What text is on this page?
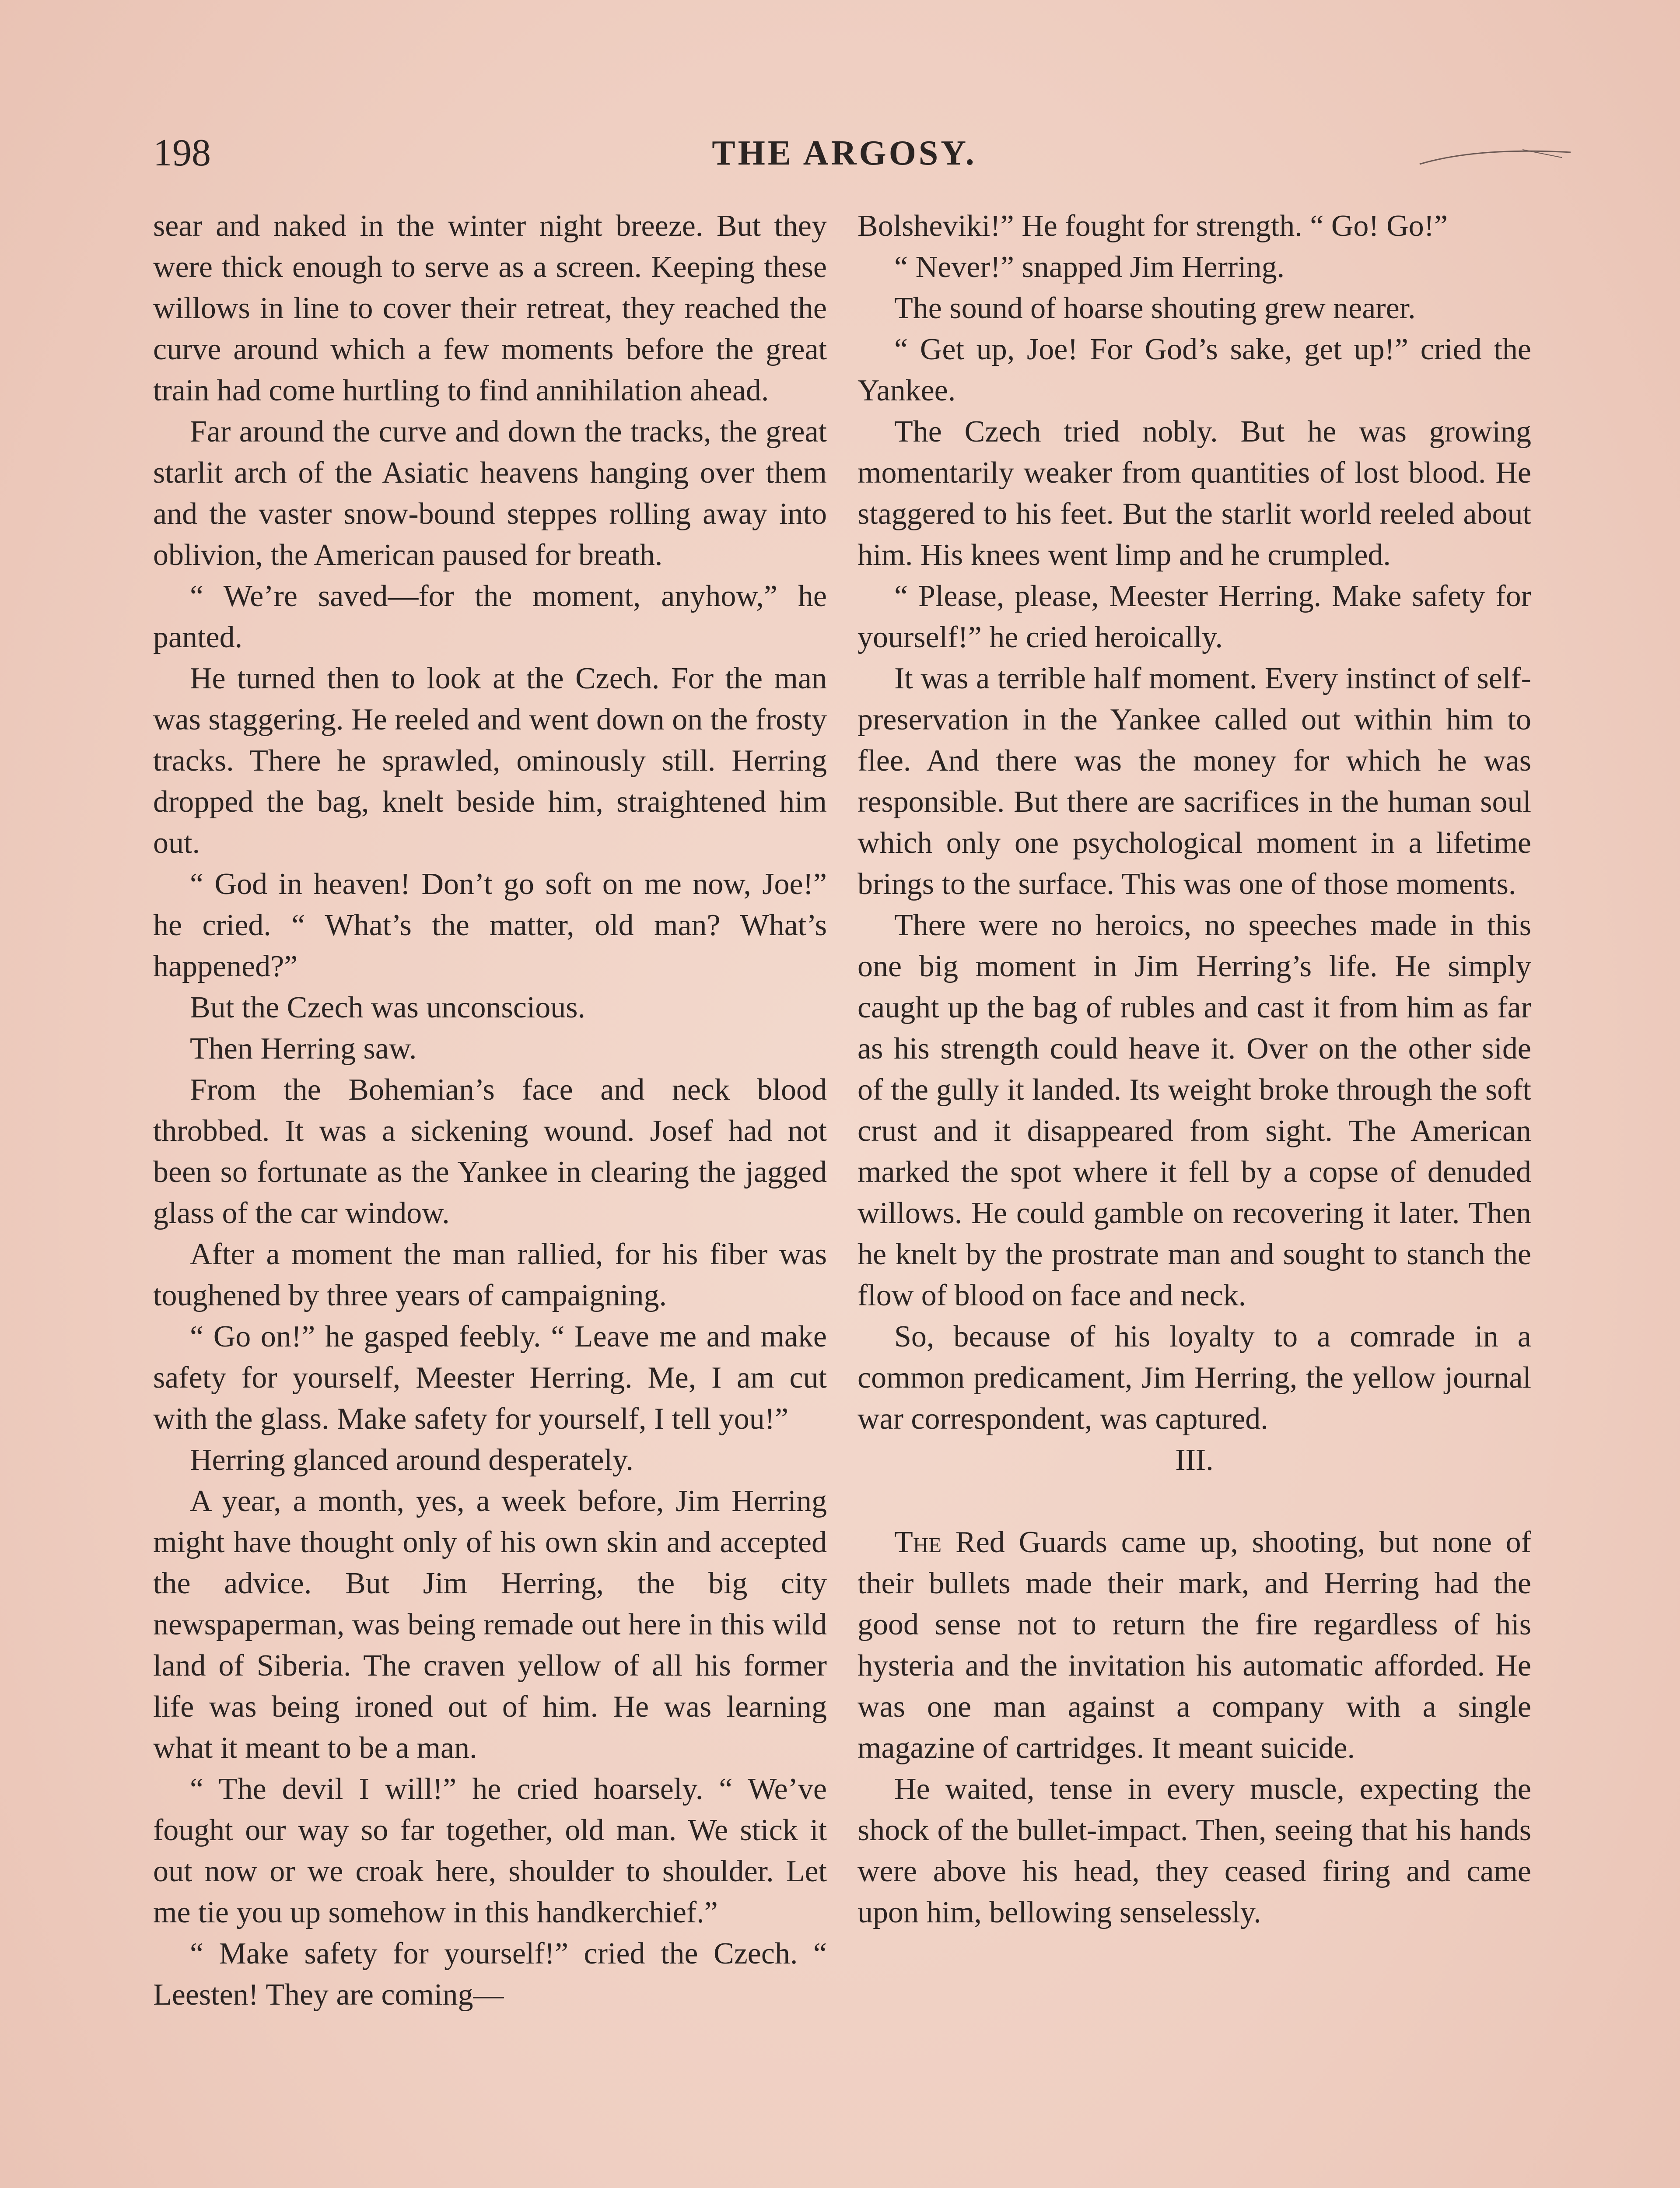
198	THE ARGOSY.

sear and naked in the winter night breeze. But they were thick enough to serve as a screen. Keeping these willows in line to cover their retreat, they reached the curve around which a few moments before the great train had come hurtling to find annihilation ahead.

Far around the curve and down the tracks, the great starlit arch of the Asiatic heavens hanging over them and the vaster snow-bound steppes rolling away into oblivion, the American paused for breath.

“ We’re saved—for the moment, anyhow,” he panted.

He turned then to look at the Czech. For the man was staggering. He reeled and went down on the frosty tracks. There he sprawled, ominously still. Herring dropped the bag, knelt beside him, straightened him out.

“ God in heaven! Don’t go soft on me now, Joe!” he cried. “ What’s the matter, old man? What’s happened?”

But the Czech was unconscious.

Then Herring saw.

From the Bohemian’s face and neck blood throbbed. It was a sickening wound. Josef had not been so fortunate as the Yankee in clearing the jagged glass of the car window.

After a moment the man rallied, for his fiber was toughened by three years of campaigning.

“ Go on!” he gasped feebly. “ Leave me and make safety for yourself, Meester Herring. Me, I am cut with the glass. Make safety for yourself, I tell you!”

Herring glanced around desperately.

A year, a month, yes, a week before, Jim Herring might have thought only of his own skin and accepted the advice. But Jim Herring, the big city newspaperman, was being remade out here in this wild land of Siberia. The craven yellow of all his former life was being ironed out of him. He was learning what it meant to be a man.

“ The devil I will!” he cried hoarsely. “ We’ve fought our way so far together, old man. We stick it out now or we croak here, shoulder to shoulder. Let me tie you up somehow in this handkerchief.”

“ Make safety for yourself!” cried the Czech. “ Leesten! They are coming—

Bolsheviki!” He fought for strength. “ Go! Go!”

“ Never!” snapped Jim Herring.

The sound of hoarse shouting grew nearer.

“ Get up, Joe! For God’s sake, get up!” cried the Yankee.

The Czech tried nobly. But he was growing momentarily weaker from quantities of lost blood. He staggered to his feet. But the starlit world reeled about him. His knees went limp and he crumpled.

“ Please, please, Meester Herring. Make safety for yourself!” he cried heroically.

It was a terrible half moment. Every instinct of self-preservation in the Yankee called out within him to flee. And there was the money for which he was responsible. But there are sacrifices in the human soul which only one psychological moment in a lifetime brings to the surface. This was one of those moments.

There were no heroics, no speeches made in this one big moment in Jim Herring’s life. He simply caught up the bag of rubles and cast it from him as far as his strength could heave it. Over on the other side of the gully it landed. Its weight broke through the soft crust and it disappeared from sight. The American marked the spot where it fell by a copse of denuded willows. He could gamble on recovering it later. Then he knelt by the prostrate man and sought to stanch the flow of blood on face and neck.

So, because of his loyalty to a comrade in a common predicament, Jim Herring, the yellow journal war correspondent, was captured.

III.

The Red Guards came up, shooting, but none of their bullets made their mark, and Herring had the good sense not to return the fire regardless of his hysteria and the invitation his automatic afforded. He was one man against a company with a single magazine of cartridges. It meant suicide.

He waited, tense in every muscle, expecting the shock of the bullet-impact. Then, seeing that his hands were above his head, they ceased firing and came upon him, bellowing senselessly.
